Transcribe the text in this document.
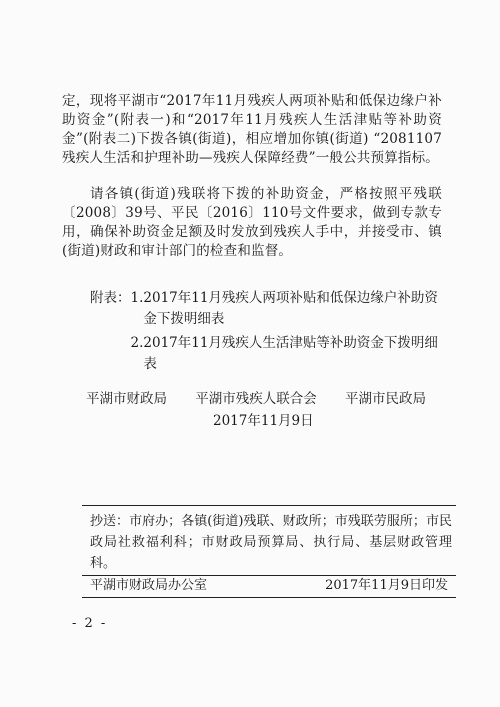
定，现将平湖市“2017年11月残疾人两项补贴和低保边缘户补助资金”(附表一)和“2017年11月残疾人生活津贴等补助资金”(附表二)下拨各镇(街道)，相应增加你镇(街道) “2081107 残疾人生活和护理补助—残疾人保障经费”一般公共预算指标。

请各镇(街道)残联将下拨的补助资金，严格按照平残联〔2008〕39号、平民〔2016〕110号文件要求，做到专款专用，确保补助资金足额及时发放到残疾人手中，并接受市、镇(街道)财政和审计部门的检查和监督。

附表： 1. 2017年11月残疾人两项补贴和低保边缘户补助资金下拨明细表
2. 2017年11月残疾人生活津贴等补助资金下拨明细表
平湖市财政局 平湖市残疾人联合会 平湖市民政局
2017年11月9日

抄送：市府办；各镇(街道)残联、财政所；市残联劳服所；市民政局社救福利科；市财政局预算局、执行局、基层财政管理科。

平湖市财政局办公室	2017年11月9日印发
- 2 -
